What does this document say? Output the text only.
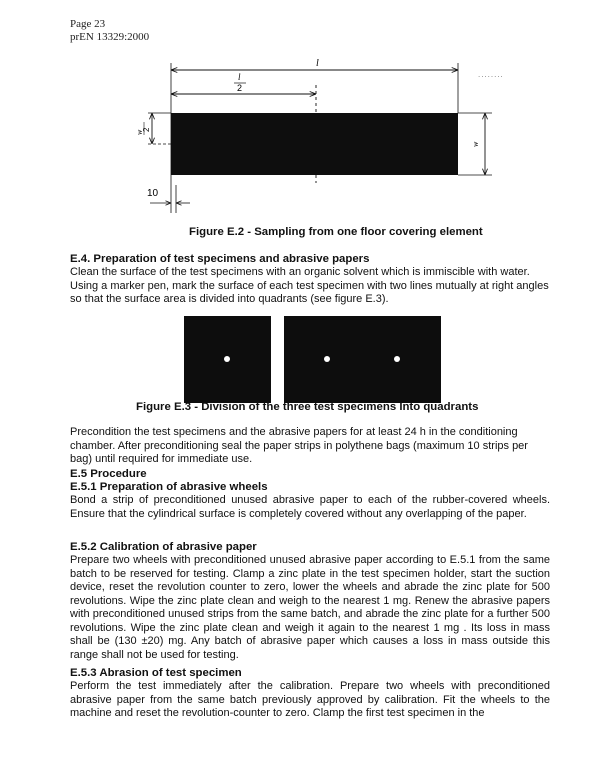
Page 23
prEN 13329:2000
........
l
l
2
w
w
2
10
Figure E.2 - Sampling from one floor covering element
E.4. Preparation of test specimens and abrasive papers
Clean the surface of the test specimens with an organic solvent which is immiscible with water. Using a marker pen, mark the surface of each test specimen with two lines mutually at right angles so that the surface area is divided into quadrants (see figure E.3).
Figure E.3 - Division of the three test specimens Into quadrants
Precondition the test specimens and the abrasive papers for at least 24 h in the conditioning chamber. After preconditioning seal the paper strips in polythene bags (maximum 10 strips per bag) until required for immediate use.
E.5 Procedure
E.5.1 Preparation of abrasive wheels
Bond a strip of preconditioned unused abrasive paper to each of the rubber-covered wheels. Ensure that the cylindrical surface is completely covered without any overlapping of the paper.
E.5.2 Calibration of abrasive paper
Prepare two wheels with preconditioned unused abrasive paper according to E.5.1 from the same batch to be reserved for testing. Clamp a zinc plate in the test specimen holder, start the suction device, reset the revolution counter to zero, lower the wheels and abrade the zinc plate for 500 revolutions. Wipe the zinc plate clean and weigh to the nearest 1 mg. Renew the abrasive papers with preconditioned unused strips from the same batch, and abrade the zinc plate for a further 500 revolutions. Wipe the zinc plate clean and weigh it again to the nearest 1 mg . Its loss in mass shall be (130 ±20) mg. Any batch of abrasive paper which causes a loss in mass outside this range shall not be used for testing.
E.5.3 Abrasion of test specimen
Perform the test immediately after the calibration. Prepare two wheels with preconditioned abrasive paper from the same batch previously approved by calibration. Fit the wheels to the machine and reset the revolution-counter to zero. Clamp the first test specimen in the
